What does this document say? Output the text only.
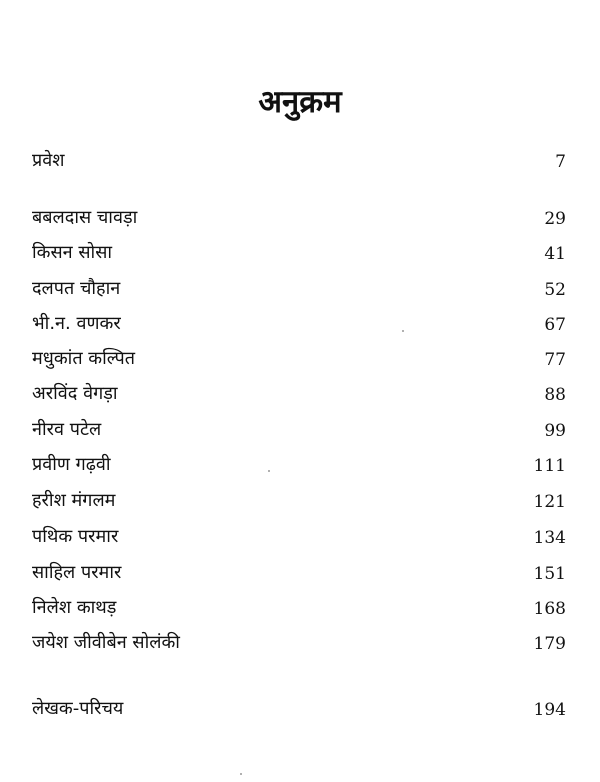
अनुक्रम
प्रवेश	7
बबलदास चावड़ा	29
किसन सोसा	41
दलपत चौहान	52
भी.न. वणकर	67
मधुकांत कल्पित	77
अरविंद वेगड़ा	88
नीरव पटेल	99
प्रवीण गढ़वी	111
हरीश मंगलम	121
पथिक परमार	134
साहिल परमार	151
निलेश काथड़	168
जयेश जीवीबेन सोलंकी	179
लेखक-परिचय	194
